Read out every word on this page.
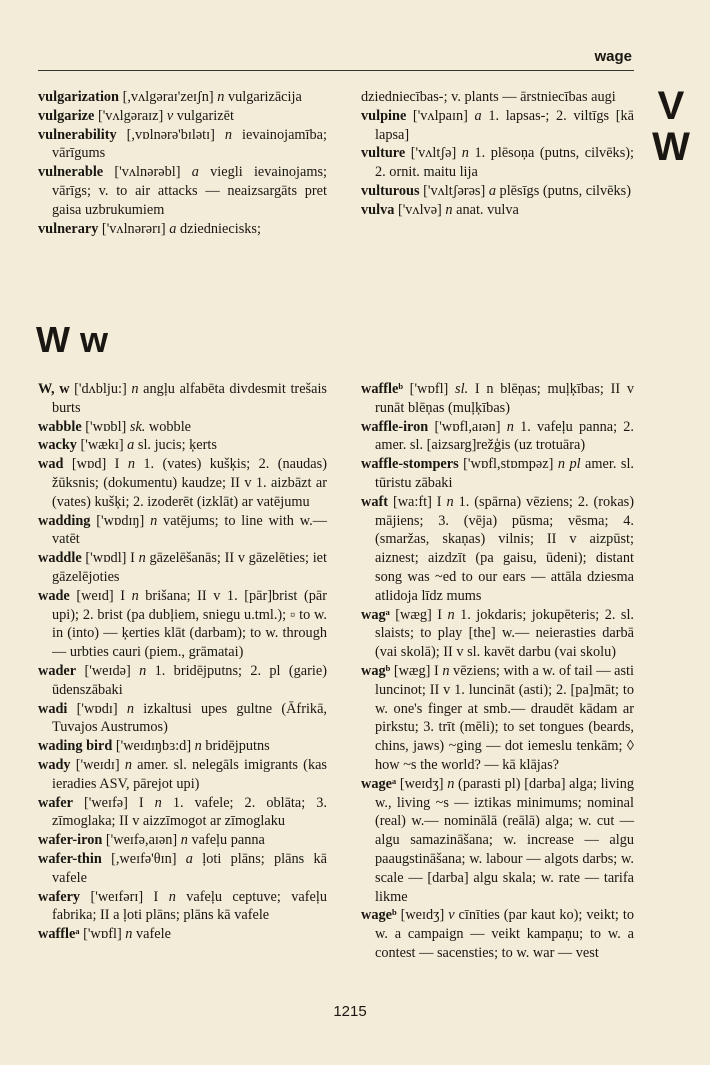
wage
V
W

vulgarization [,vʌlgəraɪ'zeɪʃn] n vulgarizācija

vulgarize ['vʌlgəraɪz] v vulgarizēt

vulnerability [,vɒlnərə'bɪlətɪ] n ievainojamība; vārīgums

vulnerable ['vʌlnərəbl] a viegli ievainojams; vārīgs; v. to air attacks — neaizsargāts pret gaisa uzbrukumiem

vulnerary ['vʌlnərərɪ] a dziedniecisks;

dziedniecības-; v. plants — ārstniecības augi

vulpine ['vʌlpaɪn] a 1. lapsas-; 2. viltīgs [kā lapsa]

vulture ['vʌltʃə] n 1. plēsoņa (putns, cilvēks); 2. ornit. maitu lija

vulturous ['vʌltʃərəs] a plēsīgs (putns, cilvēks)

vulva ['vʌlvə] n anat. vulva

W w

W, w ['dʌblju:] n angļu alfabēta divdesmit trešais burts

wabble ['wɒbl] sk. wobble

wacky ['wækɪ] a sl. jucis; ķerts

wad [wɒd] I n 1. (vates) kušķis; 2. (naudas) žūksnis; (dokumentu) kaudze; II v 1. aizbāzt ar (vates) kušķi; 2. izoderēt (izklāt) ar vatējumu

wadding ['wɒdɪŋ] n vatējums; to line with w.— vatēt

waddle ['wɒdl] I n gāzelēšanās; II v gāzelēties; iet gāzelējoties

wade [weɪd] I n brišana; II v 1. [pār]brist (pār upi); 2. brist (pa dubļiem, sniegu u.tml.); ▫ to w. in (into) — ķerties klāt (darbam); to w. through — urbties cauri (piem., grāmatai)

wader ['weɪdə] n 1. bridējputns; 2. pl (garie) ūdenszābaki

wadi ['wɒdɪ] n izkaltusi upes gultne (Āfrikā, Tuvajos Austrumos)

wading bird ['weɪdɪŋbɜ:d] n bridējputns

wady ['weɪdɪ] n amer. sl. nelegāls imigrants (kas ieradies ASV, pārejot upi)

wafer ['weɪfə] I n 1. vafele; 2. oblāta; 3. zīmoglaka; II v aizzīmogot ar zīmoglaku

wafer-iron ['weɪfə,aɪən] n vafeļu panna

wafer-thin [,weɪfə'θɪn] a ļoti plāns; plāns kā vafele

wafery ['weɪfərɪ] I n vafeļu ceptuve; vafeļu fabrika; II a ļoti plāns; plāns kā vafele

waffleᵃ ['wɒfl] n vafele

waffleᵇ ['wɒfl] sl. I n blēņas; muļķības; II v runāt blēņas (muļķības)

waffle-iron ['wɒfl,aɪən] n 1. vafeļu panna; 2. amer. sl. [aizsarg]režģis (uz trotuāra)

waffle-stompers ['wɒfl,stɒmpəz] n pl amer. sl. tūristu zābaki

waft [wa:ft] I n 1. (spārna) vēziens; 2. (rokas) mājiens; 3. (vēja) pūsma; vēsma; 4. (smaržas, skaņas) vilnis; II v aizpūst; aiznest; aizdzīt (pa gaisu, ūdeni); distant song was ~ed to our ears — attāla dziesma atlidoja līdz mums

wagᵃ [wæg] I n 1. jokdaris; jokupēteris; 2. sl. slaists; to play [the] w.— neierasties darbā (vai skolā); II v sl. kavēt darbu (vai skolu)

wagᵇ [wæg] I n vēziens; with a w. of tail — asti luncinot; II v 1. luncināt (asti); 2. [pa]māt; to w. one's finger at smb.— draudēt kādam ar pirkstu; 3. trīt (mēli); to set tongues (beards, chins, jaws) ~ging — dot iemeslu tenkām; ◊ how ~s the world? — kā klājas?

wageᵃ [weɪdʒ] n (parasti pl) [darba] alga; living w., living ~s — iztikas minimums; nominal (real) w.— nominālā (reālā) alga; w. cut — algu samazināšana; w. increase — algu paaugstināšana; w. labour — algots darbs; w. scale — [darba] algu skala; w. rate — tarifa likme

wageᵇ [weɪdʒ] v cīnīties (par kaut ko); veikt; to w. a campaign — veikt kampaņu; to w. a contest — sacensties; to w. war — vest

1215
